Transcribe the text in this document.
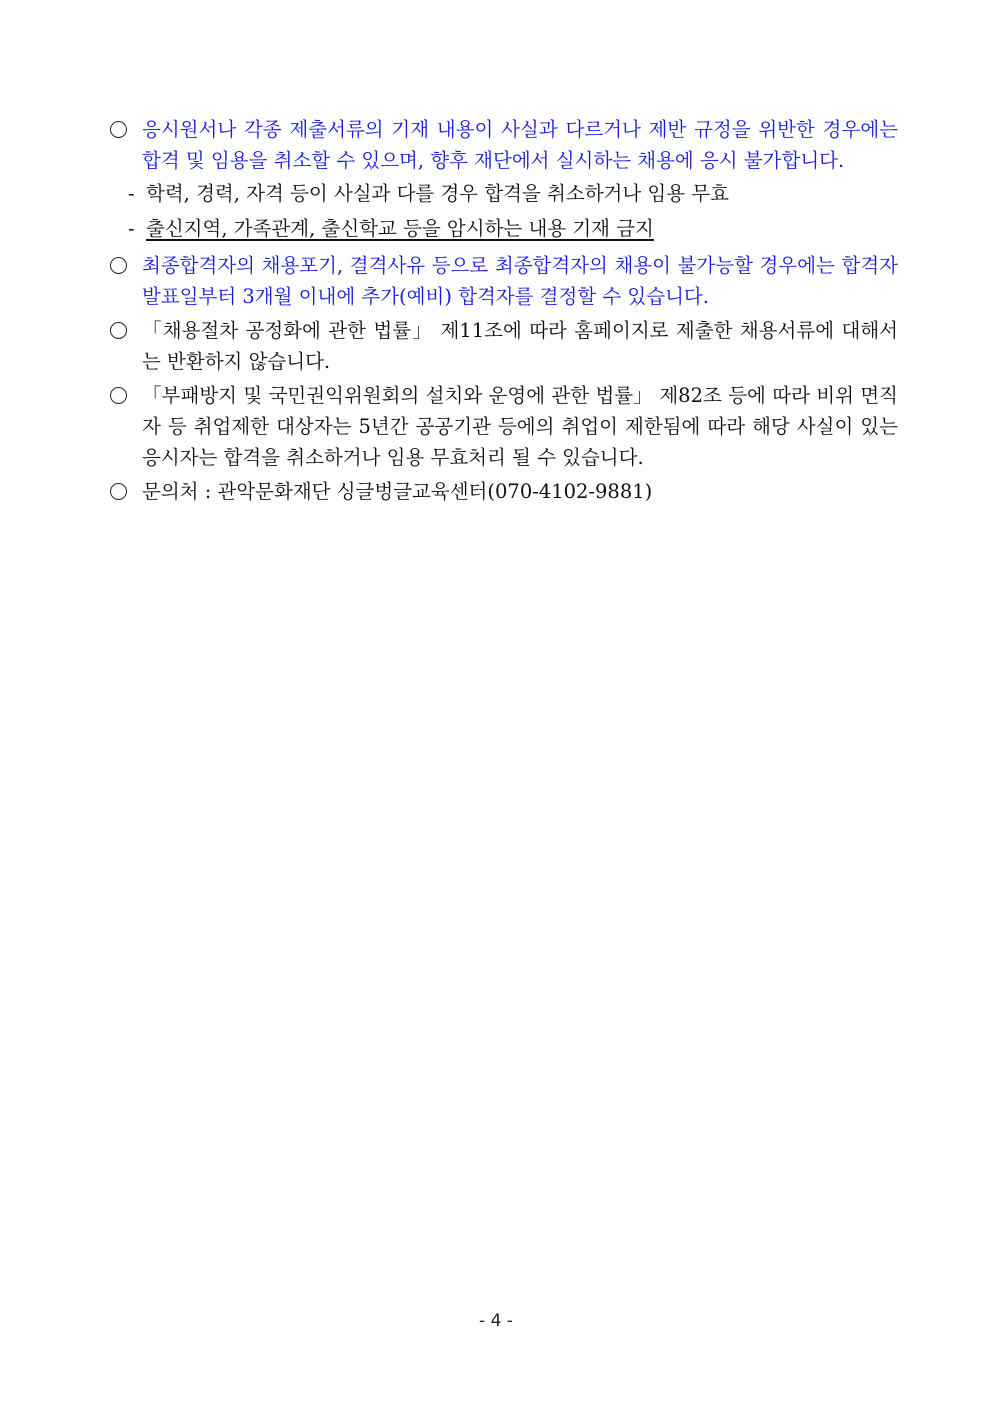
응시원서나 각종 제출서류의 기재 내용이 사실과 다르거나 제반 규정을 위반한 경우에는 합격 및 임용을 취소할 수 있으며, 향후 재단에서 실시하는 채용에 응시 불가합니다.
- 학력, 경력, 자격 등이 사실과 다를 경우 합격을 취소하거나 임용 무효
- 출신지역, 가족관계, 출신학교 등을 암시하는 내용 기재 금지
최종합격자의 채용포기, 결격사유 등으로 최종합격자의 채용이 불가능할 경우에는 합격자 발표일부터 3개월 이내에 추가(예비) 합격자를 결정할 수 있습니다.
「채용절차 공정화에 관한 법률」 제11조에 따라 홈페이지로 제출한 채용서류에 대해서는 반환하지 않습니다.
「부패방지 및 국민권익위원회의 설치와 운영에 관한 법률」 제82조 등에 따라 비위 면직자 등 취업제한 대상자는 5년간 공공기관 등에의 취업이 제한됨에 따라 해당 사실이 있는 응시자는 합격을 취소하거나 임용 무효처리 될 수 있습니다.
문의처 : 관악문화재단 싱글벙글교육센터(070-4102-9881)
- 4 -
